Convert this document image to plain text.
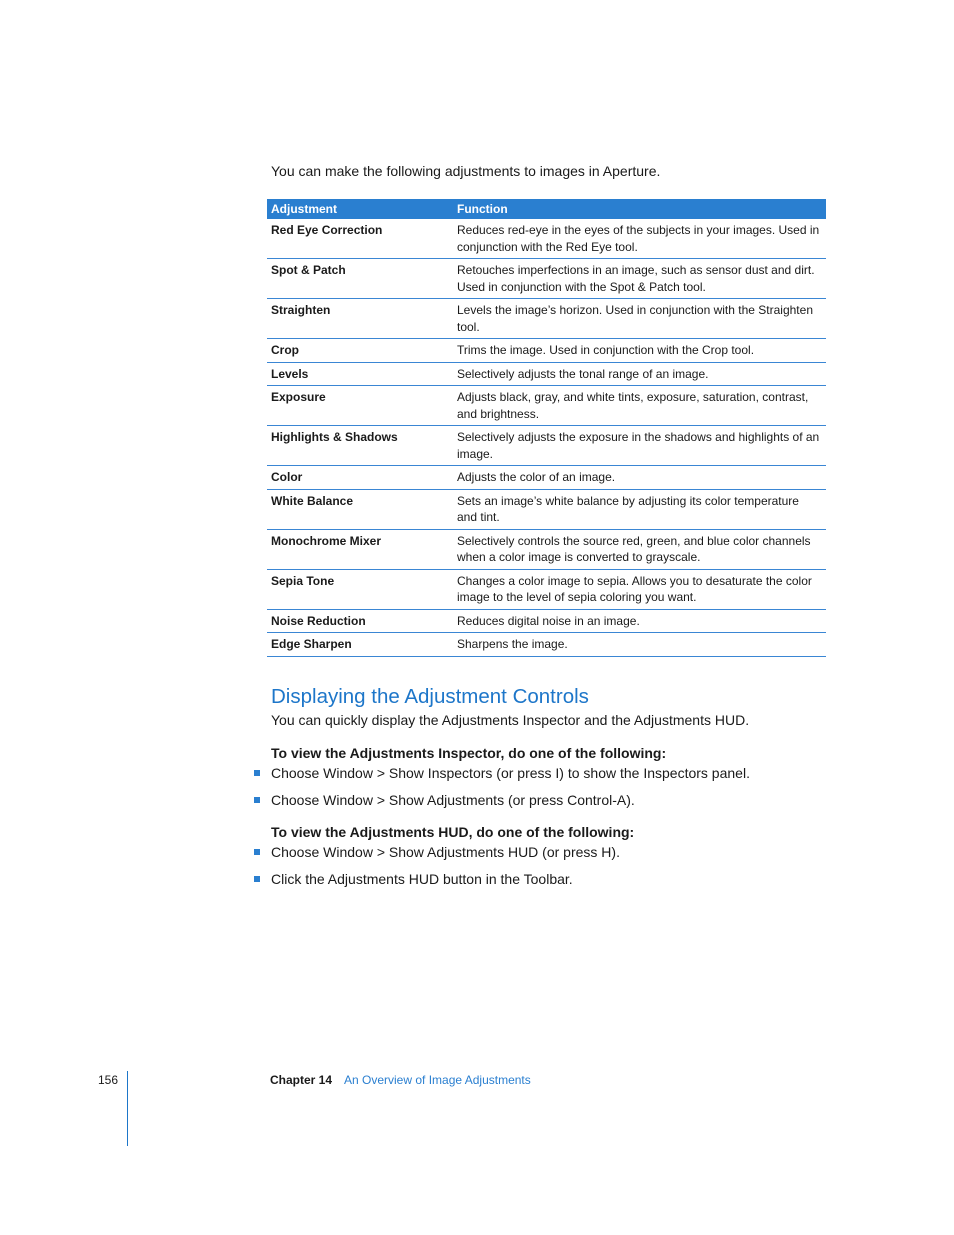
You can make the following adjustments to images in Aperture.
Adjustment	Function
Red Eye Correction	Reduces red-eye in the eyes of the subjects in your images. Used in conjunction with the Red Eye tool.
Spot & Patch	Retouches imperfections in an image, such as sensor dust and dirt. Used in conjunction with the Spot & Patch tool.
Straighten	Levels the image’s horizon. Used in conjunction with the Straighten tool.
Crop	Trims the image. Used in conjunction with the Crop tool.
Levels	Selectively adjusts the tonal range of an image.
Exposure	Adjusts black, gray, and white tints, exposure, saturation, contrast, and brightness.
Highlights & Shadows	Selectively adjusts the exposure in the shadows and highlights of an image.
Color	Adjusts the color of an image.
White Balance	Sets an image’s white balance by adjusting its color temperature and tint.
Monochrome Mixer	Selectively controls the source red, green, and blue color channels when a color image is converted to grayscale.
Sepia Tone	Changes a color image to sepia. Allows you to desaturate the color image to the level of sepia coloring you want.
Noise Reduction	Reduces digital noise in an image.
Edge Sharpen	Sharpens the image.
Displaying the Adjustment Controls
You can quickly display the Adjustments Inspector and the Adjustments HUD.
To view the Adjustments Inspector, do one of the following:
Choose Window > Show Inspectors (or press I) to show the Inspectors panel.
Choose Window > Show Adjustments (or press Control-A).
To view the Adjustments HUD, do one of the following:
Choose Window > Show Adjustments HUD (or press H).
Click the Adjustments HUD button in the Toolbar.
156	Chapter 14 An Overview of Image Adjustments
